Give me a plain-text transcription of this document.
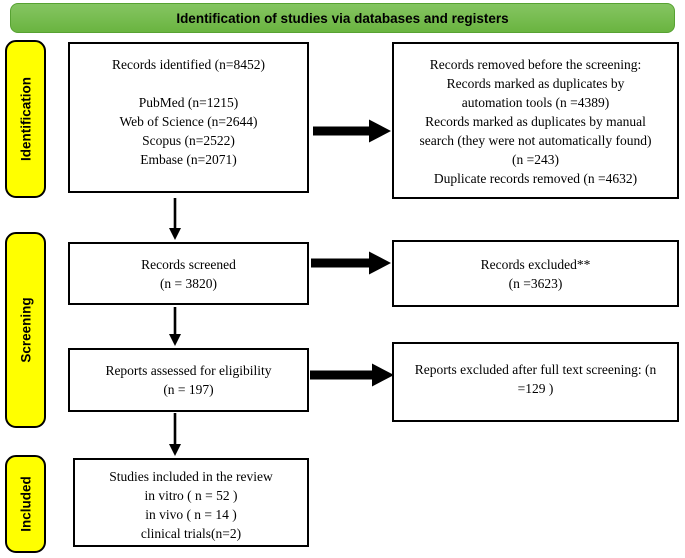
Identification of studies via databases and registers
Identification
Screening
Included
Records identified (n=8452)
PubMed (n=1215)
Web of Science (n=2644)
Scopus (n=2522)
Embase (n=2071)
Records removed before the screening:
Records marked as duplicates by
automation tools (n =4389)
Records marked as duplicates by manual
search (they were not automatically found)
(n =243)
Duplicate records removed (n =4632)
Records screened
(n = 3820)
Records excluded**
(n =3623)
Reports assessed for eligibility
(n = 197)
Reports excluded after full text screening: (n
=129 )
Studies included in the review
in vitro ( n = 52 )
in vivo ( n = 14 )
clinical trials(n=2)
